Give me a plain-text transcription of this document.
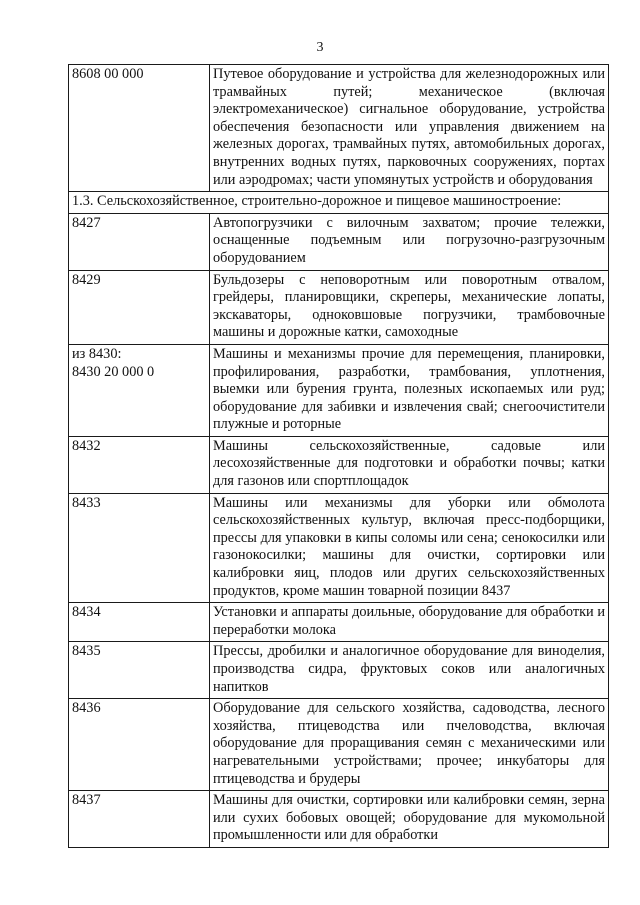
3
8608 00 000	Путевое оборудование и устройства для железнодорожных или трамвайных путей; механическое (включая электромеханическое) сигнальное оборудование, устройства обеспечения безопасности или управления движением на железных дорогах, трамвайных путях, автомобильных дорогах, внутренних водных путях, парковочных сооружениях, портах или аэродромах; части упомянутых устройств и оборудования
1.3. Сельскохозяйственное, строительно-дорожное и пищевое машиностроение:	

8427	Автопогрузчики с вилочным захватом; прочие тележки, оснащенные подъемным или погрузочно-разгрузочным оборудованием

8429	Бульдозеры с неповоротным или поворотным отвалом, грейдеры, планировщики, скреперы, механические лопаты, экскаваторы, одноковшовые погрузчики, трамбовочные машины и дорожные катки, самоходные

из 8430:
8430 20 000 0	Машины и механизмы прочие для перемещения, планировки, профилирования, разработки, трамбования, уплотнения, выемки или бурения грунта, полезных ископаемых или руд; оборудование для забивки и извлечения свай; снегоочистители плужные и роторные

8432	Машины сельскохозяйственные, садовые или лесохозяйственные для подготовки и обработки почвы; катки для газонов или спортплощадок

8433	Машины или механизмы для уборки или обмолота сельскохозяйственных культур, включая пресс-подборщики, прессы для упаковки в кипы соломы или сена; сенокосилки или газонокосилки; машины для очистки, сортировки или калибровки яиц, плодов или других сельскохозяйственных продуктов, кроме машин товарной позиции 8437

8434	Установки и аппараты доильные, оборудование для обработки и переработки молока

8435	Прессы, дробилки и аналогичное оборудование для виноделия, производства сидра, фруктовых соков или аналогичных напитков

8436	Оборудование для сельского хозяйства, садоводства, лесного хозяйства, птицеводства или пчеловодства, включая оборудование для проращивания семян с механическими или нагревательными устройствами; прочее; инкубаторы для птицеводства и брудеры

8437	Машины для очистки, сортировки или калибровки семян, зерна или сухих бобовых овощей; оборудование для мукомольной промышленности или для обработки
